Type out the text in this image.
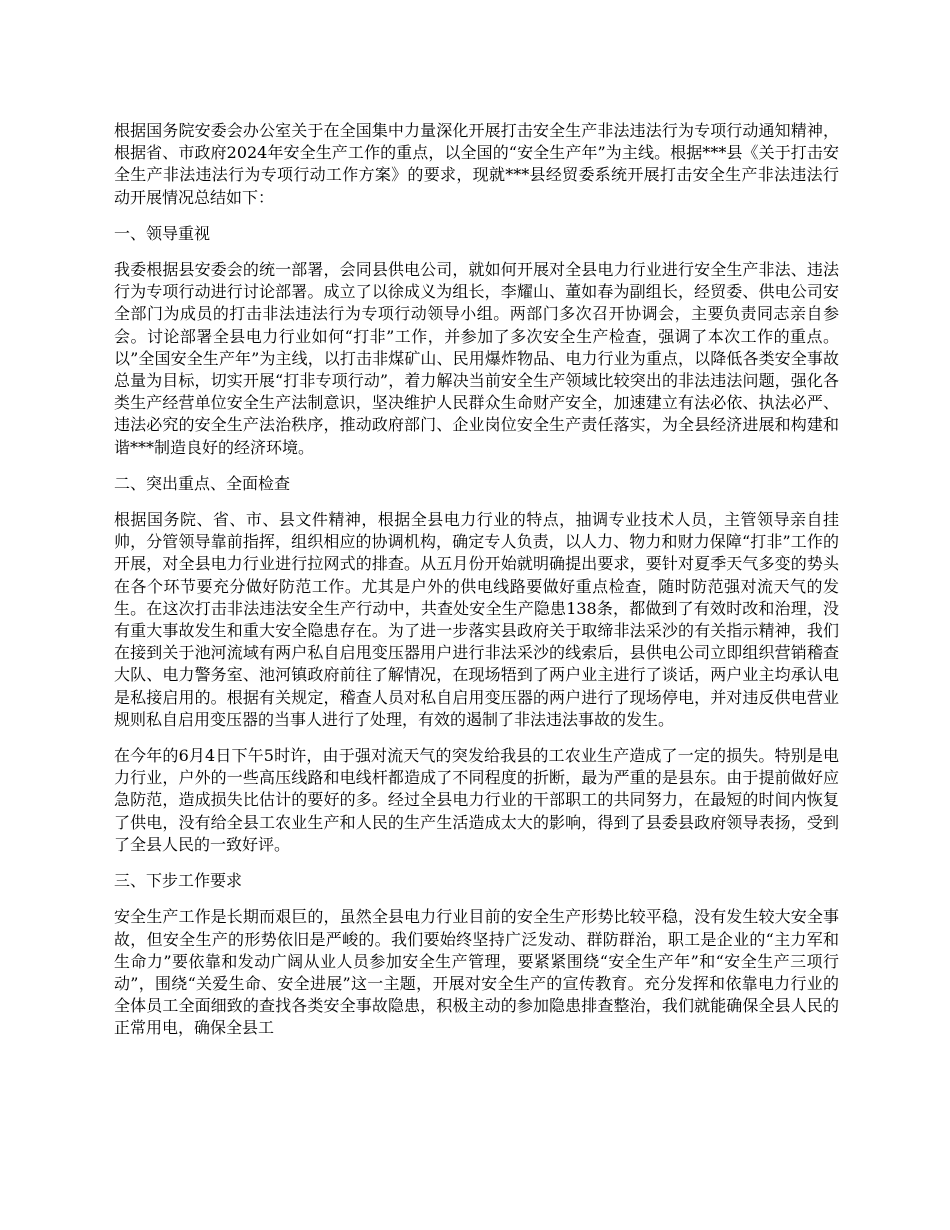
根据国务院安委会办公室关于在全国集中力量深化开展打击安全生产非法违法行为专项行动通知精神，根据省、市政府2024年安全生产工作的重点，以全国的“安全生产年”为主线。根据***县《关于打击安全生产非法违法行为专项行动工作方案》的要求，现就***县经贸委系统开展打击安全生产非法违法行动开展情况总结如下：

一、领导重视

我委根据县安委会的统一部署，会同县供电公司，就如何开展对全县电力行业进行安全生产非法、违法行为专项行动进行讨论部署。成立了以徐成义为组长，李耀山、董如春为副组长，经贸委、供电公司安全部门为成员的打击非法违法行为专项行动领导小组。两部门多次召开协调会，主要负责同志亲自参会。讨论部署全县电力行业如何“打非”工作，并参加了多次安全生产检查，强调了本次工作的重点。以”全国安全生产年”为主线，以打击非煤矿山、民用爆炸物品、电力行业为重点，以降低各类安全事故总量为目标，切实开展“打非专项行动”，着力解决当前安全生产领域比较突出的非法违法问题，强化各类生产经营单位安全生产法制意识，坚决维护人民群众生命财产安全，加速建立有法必依、执法必严、违法必究的安全生产法治秩序，推动政府部门、企业岗位安全生产责任落实，为全县经济进展和构建和谐***制造良好的经济环境。

二、突出重点、全面检查

根据国务院、省、市、县文件精神，根据全县电力行业的特点，抽调专业技术人员，主管领导亲自挂帅，分管领导靠前指挥，组织相应的协调机构，确定专人负责，以人力、物力和财力保障“打非”工作的开展，对全县电力行业进行拉网式的排查。从五月份开始就明确提出要求，要针对夏季天气多变的势头在各个环节要充分做好防范工作。尤其是户外的供电线路要做好重点检查，随时防范强对流天气的发生。在这次打击非法违法安全生产行动中，共查处安全生产隐患138条，都做到了有效时改和治理，没有重大事故发生和重大安全隐患存在。为了进一步落实县政府关于取缔非法采沙的有关指示精神，我们在接到关于池河流域有两户私自启甩变压器用户进行非法采沙的线索后，县供电公司立即组织营销稽查大队、电力警务室、池河镇政府前往了解情况，在现场牾到了两户业主进行了谈话，两户业主均承认电是私接启用的。根据有关规定，稽查人员对私自启用变压器的两户进行了现场停电，并对违反供电营业规则私自启用变压器的当事人进行了处理，有效的遏制了非法违法事故的发生。

在今年的6月4日下午5时许，由于强对流天气的突发给我县的工农业生产造成了一定的损失。特别是电力行业，户外的一些高压线路和电线杆都造成了不同程度的折断，最为严重的是县东。由于提前做好应急防范，造成损失比估计的要好的多。经过全县电力行业的干部职工的共同努力，在最短的时间内恢复了供电，没有给全县工农业生产和人民的生产生活造成太大的影响，得到了县委县政府领导表扬，受到了全县人民的一致好评。

三、下步工作要求

安全生产工作是长期而艰巨的，虽然全县电力行业目前的安全生产形势比较平稳，没有发生较大安全事故，但安全生产的形势依旧是严峻的。我们要始终坚持广泛发动、群防群治，职工是企业的“主力军和生命力”要依靠和发动广阔从业人员参加安全生产管理，要紧紧围绕“安全生产年”和“安全生产三项行动”，围绕“关爱生命、安全进展”这一主题，开展对安全生产的宣传教育。充分发挥和依靠电力行业的全体员工全面细致的查找各类安全事故隐患，积极主动的参加隐患排查整治，我们就能确保全县人民的正常用电，确保全县工
